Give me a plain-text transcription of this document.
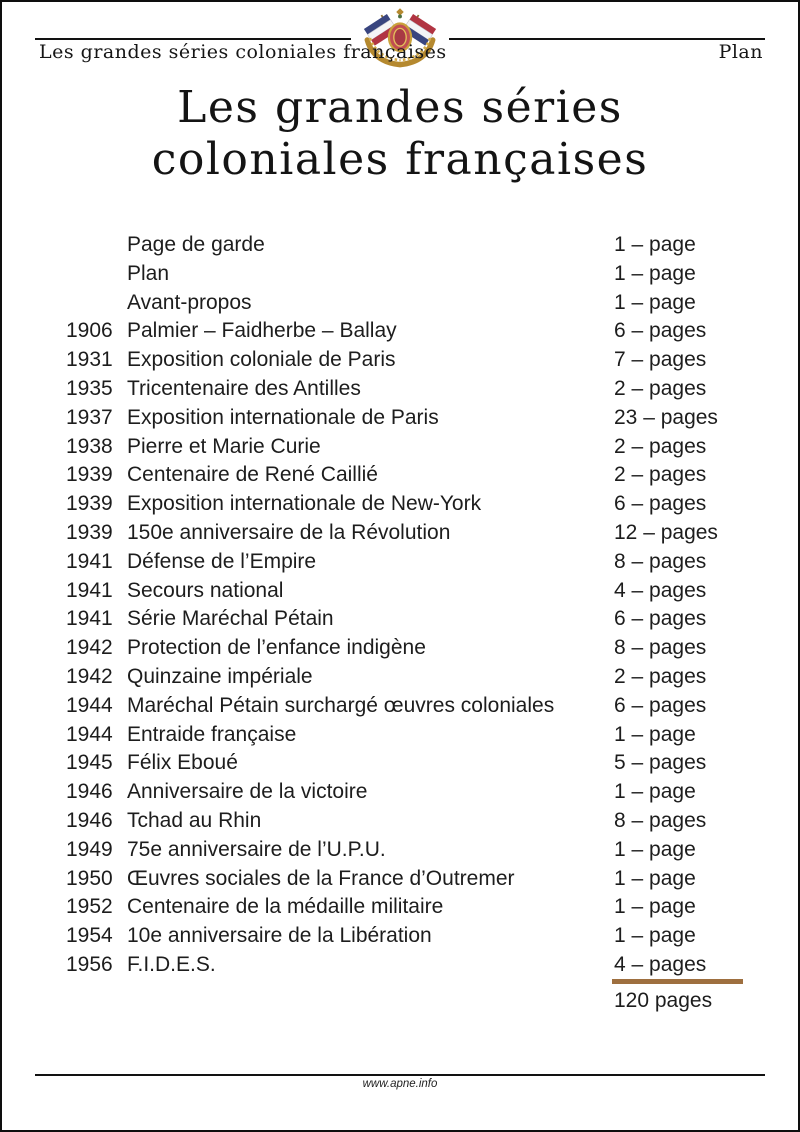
Les grandes séries coloniales françaises	Plan
Les grandes séries
coloniales françaises
Page de garde	1 – page
Plan	1 – page
Avant-propos	1 – page
1906 Palmier – Faidherbe – Ballay	6 – pages
1931 Exposition coloniale de Paris	7 – pages
1935 Tricentenaire des Antilles	2 – pages
1937 Exposition internationale de Paris	23 – pages
1938 Pierre et Marie Curie	2 – pages
1939 Centenaire de René Caillié	2 – pages
1939 Exposition internationale de New-York	6 – pages
1939 150e anniversaire de la Révolution	12 – pages
1941 Défense de l’Empire	8 – pages
1941 Secours national	4 – pages
1941 Série Maréchal Pétain	6 – pages
1942 Protection de l’enfance indigène	8 – pages
1942 Quinzaine impériale	2 – pages
1944 Maréchal Pétain surchargé œuvres coloniales	6 – pages
1944 Entraide française	1 – page
1945 Félix Eboué	5 – pages
1946 Anniversaire de la victoire	1 – page
1946 Tchad au Rhin	8 – pages
1949 75e anniversaire de l’U.P.U.	1 – page
1950 Œuvres sociales de la France d’Outremer	1 – page
1952 Centenaire de la médaille militaire	1 – page
1954 10e anniversaire de la Libération	1 – page
1956 F.I.D.E.S.	4 – pages
120 pages
www.apne.info
